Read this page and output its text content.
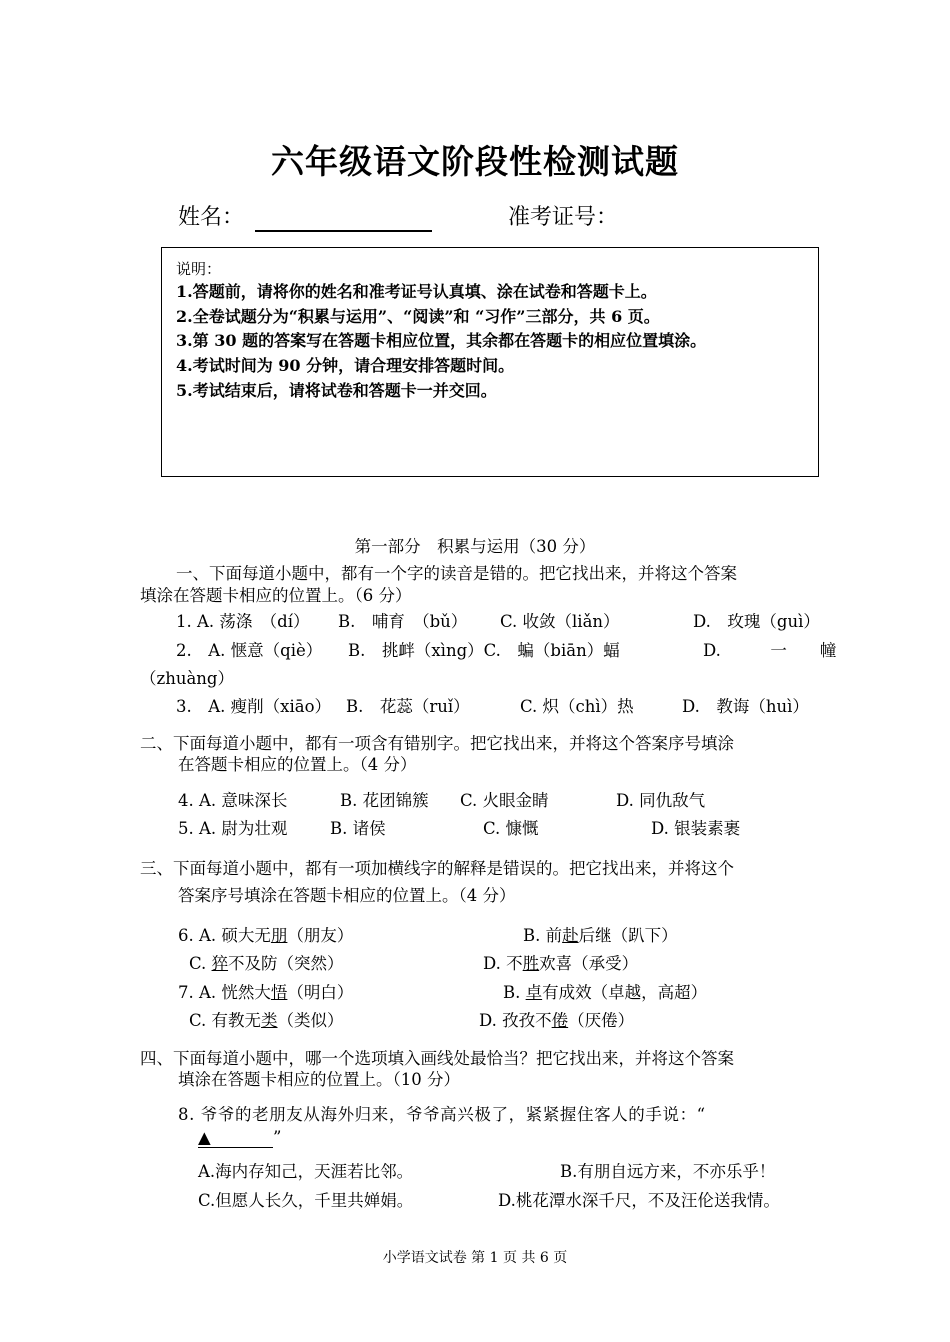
六年级语文阶段性检测试题
姓名：	准考证号：
说明：
1.答题前，请将你的姓名和准考证号认真填、涂在试卷和答题卡上。
2.全卷试题分为“积累与运用”、“阅读”和 “习作”三部分，共 6 页。
3.第 30 题的答案写在答题卡相应位置，其余都在答题卡的相应位置填涂。
4.考试时间为 90 分钟，请合理安排答题时间。
5.考试结束后，请将试卷和答题卡一并交回。
第一部分　积累与运用（30 分）
一、下面每道小题中，都有一个字的读音是错的。把它找出来，并将这个答案
填涂在答题卡相应的位置上。（6 分）
1. A. 荡涤　（dí） B.　哺育　（bǔ） C. 收敛（liǎn）	D.　玫瑰（guì）
2.　A. 惬意（qiè） B.　挑衅（xìng）C.　蝙（biān）蝠	D.　　　一　　幢
（zhuàng）
3.　A. 瘦削（xiāo） B.　花蕊（ruǐ）	C. 炽（chì）热	D.　教诲（huì）
二、下面每道小题中，都有一项含有错别字。把它找出来，并将这个答案序号填涂
在答题卡相应的位置上。（4 分）
4. A. 意味深长	B. 花团锦簇 C. 火眼金睛	D. 同仇敌气
5. A. 尉为壮观	B. 诸侯	C. 慷慨	D. 银装素裹
三、下面每道小题中，都有一项加横线字的解释是错误的。把它找出来，并将这个
答案序号填涂在答题卡相应的位置上。（4 分）
6. A. 硕大无朋（朋友）	B. 前赴后继（趴下）
C. 猝不及防（突然）	D. 不胜欢喜（承受）
7. A. 恍然大悟（明白）	B. 卓有成效（卓越，高超）
C. 有教无类（类似）	D. 孜孜不倦（厌倦）
四、下面每道小题中，哪一个选项填入画线处最恰当？把它找出来，并将这个答案
填涂在答题卡相应的位置上。（10 分）
8. 爷爷的老朋友从海外归来，爷爷高兴极了，紧紧握住客人的手说：“
▲	”
A.海内存知己，天涯若比邻。	B.有朋自远方来，不亦乐乎！
C.但愿人长久，千里共婵娟。	D.桃花潭水深千尺，不及汪伦送我情。
小学语文试卷 第 1 页 共 6 页
